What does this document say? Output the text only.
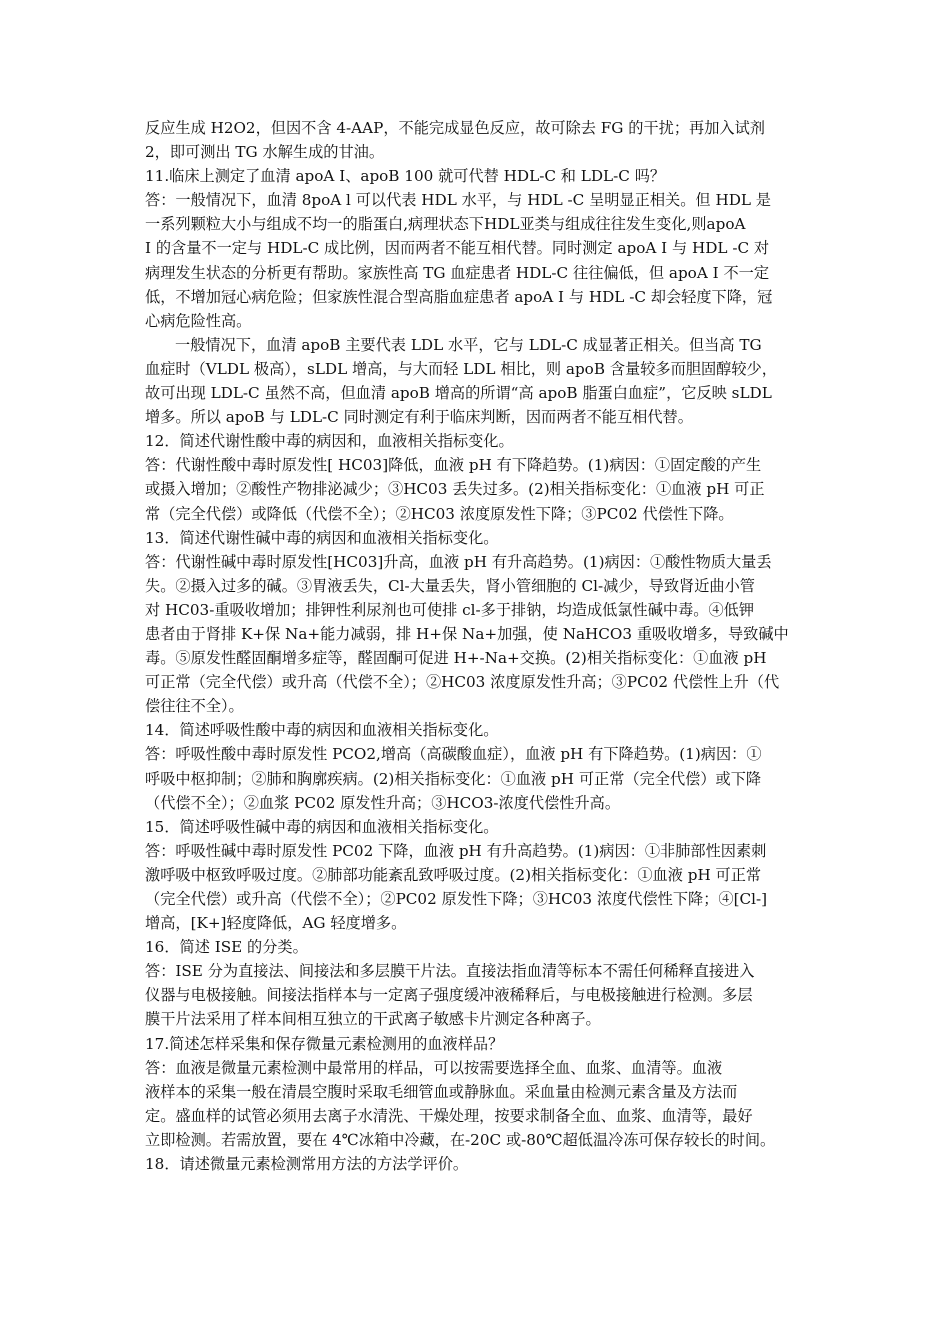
反应生成 H2O2，但因不含 4-AAP，不能完成显色反应，故可除去 FG 的干扰；再加入试剂
2，即可测出 TG 水解生成的甘油。
11.临床上测定了血清 apoA I、apoB 100 就可代替 HDL-C 和 LDL-C 吗？
答：一般情况下，血清 8poA l 可以代表 HDL 水平，与 HDL -C 呈明显正相关。但 HDL 是
一系列颗粒大小与组成不均一的脂蛋白,病理状态下HDL亚类与组成往往发生变化,则apoA
I 的含量不一定与 HDL-C 成比例，因而两者不能互相代替。同时测定 apoA I 与 HDL -C 对
病理发生状态的分析更有帮助。家族性高 TG 血症患者 HDL-C 往往偏低，但 apoA I 不一定
低，不增加冠心病危险；但家族性混合型高脂血症患者 apoA I 与 HDL -C 却会轻度下降，冠
心病危险性高。
一般情况下，血清 apoB 主要代表 LDL 水平，它与 LDL-C 成显著正相关。但当高 TG
血症时（VLDL 极高），sLDL 增高，与大而轻 LDL 相比，则 apoB 含量较多而胆固醇较少，
故可出现 LDL-C 虽然不高，但血清 apoB 增高的所谓“高 apoB 脂蛋白血症”，它反映 sLDL
增多。所以 apoB 与 LDL-C 同时测定有利于临床判断，因而两者不能互相代替。
12．简述代谢性酸中毒的病因和，血液相关指标变化。
答：代谢性酸中毒时原发性[ HC03]降低，血液 pH 有下降趋势。(1)病因：①固定酸的产生
或摄入增加；②酸性产物排泌减少；③HC03 丢失过多。(2)相关指标变化：①血液 pH 可正
常（完全代偿）或降低（代偿不全）；②HC03 浓度原发性下降；③PC02 代偿性下降。
13．简述代谢性碱中毒的病因和血液相关指标变化。
答：代谢性碱中毒时原发性[HC03]升高，血液 pH 有升高趋势。(1)病因：①酸性物质大量丢
失。②摄入过多的碱。③胃液丢失，Cl-大量丢失，肾小管细胞的 Cl-减少，导致肾近曲小管
对 HC03-重吸收增加；排钾性利尿剂也可使排 cl-多于排钠，均造成低氯性碱中毒。④低钾
患者由于肾排 K+保 Na+能力减弱，排 H+保 Na+加强，使 NaHCO3 重吸收增多，导致碱中
毒。⑤原发性醛固酮增多症等，醛固酮可促进 H+-Na+交换。(2)相关指标变化：①血液 pH
可正常（完全代偿）或升高（代偿不全）；②HC03 浓度原发性升高；③PC02 代偿性上升（代
偿往往不全）。
14．简述呼吸性酸中毒的病因和血液相关指标变化。
答：呼吸性酸中毒时原发性 PCO2,增高（高碳酸血症），血液 pH 有下降趋势。(1)病因：①
呼吸中枢抑制；②肺和胸廓疾病。(2)相关指标变化：①血液 pH 可正常（完全代偿）或下降
（代偿不全）；②血浆 PC02 原发性升高；③HCO3-浓度代偿性升高。
15．简述呼吸性碱中毒的病因和血液相关指标变化。
答：呼吸性碱中毒时原发性 PC02 下降，血液 pH 有升高趋势。(1)病因：①非肺部性因素刺
激呼吸中枢致呼吸过度。②肺部功能紊乱致呼吸过度。(2)相关指标变化：①血液 pH 可正常
（完全代偿）或升高（代偿不全）；②PC02 原发性下降；③HC03 浓度代偿性下降；④[Cl-]
增高，[K+]轻度降低，AG 轻度增多。
16．简述 ISE 的分类。
答：ISE 分为直接法、间接法和多层膜干片法。直接法指血清等标本不需任何稀释直接进入
仪器与电极接触。间接法指样本与一定离子强度缓冲液稀释后，与电极接触进行检测。多层
膜干片法采用了样本间相互独立的干武离子敏感卡片测定各种离子。
17.简述怎样采集和保存微量元素检测用的血液样品？
答：血液是微量元素检测中最常用的样品，可以按需要选择全血、血浆、血清等。血液
液样本的采集一般在清晨空腹时采取毛细管血或静脉血。采血量由检测元素含量及方法而
定。盛血样的试管必须用去离子水清洗、干燥处理，按要求制备全血、血浆、血清等，最好
立即检测。若需放置，要在 4℃冰箱中冷藏，在-20C 或-80℃超低温冷冻可保存较长的时间。
18．请述微量元素检测常用方法的方法学评价。
